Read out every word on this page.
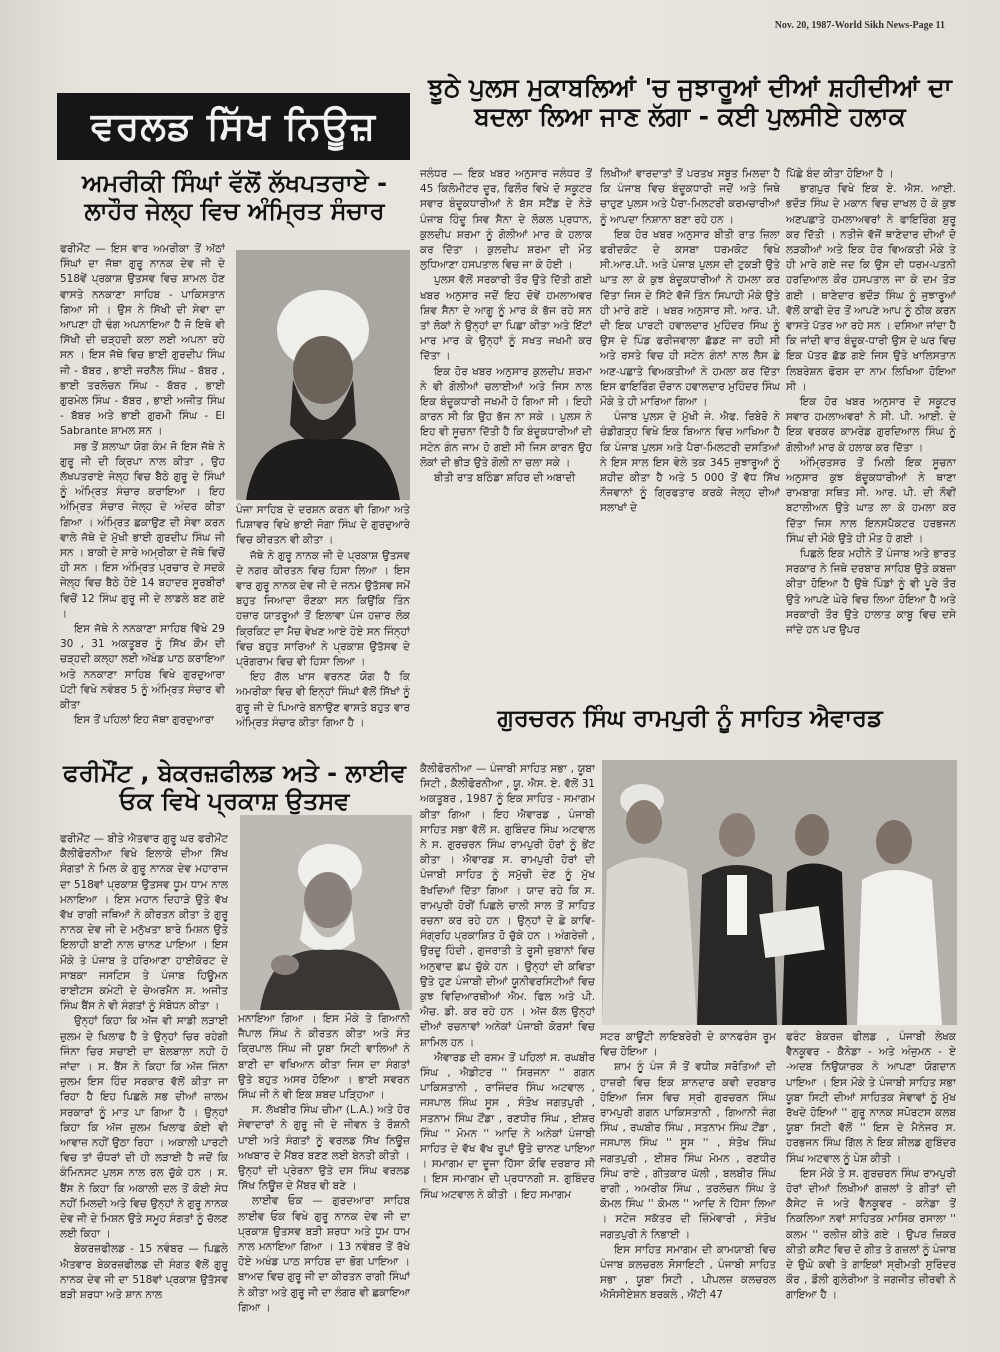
Nov. 20, 1987-World Sikh News-Page 11
ਵਰਲਡ ਸਿੱਖ ਨਿਊਜ਼
ਝੂਠੇ ਪੁਲਸ ਮੁਕਾਬਲਿਆਂ 'ਚ ਜੁਝਾਰੂਆਂ ਦੀਆਂ ਸ਼ਹੀਦੀਆਂ ਦਾ ਬਦਲਾ ਲਿਆ ਜਾਣ ਲੱਗਾ - ਕਈ ਪੁਲਸੀਏ ਹਲਾਕ
ਅਮਰੀਕੀ ਸਿੰਘਾਂ ਵੱਲੋਂ ਲੱਖਪਤਰਾਏ - ਲਾਹੌਰ ਜੇਲ੍ਹ ਵਿਚ ਅੰਮ੍ਰਿਤ ਸੰਚਾਰ

ਫਰੀਮੌਂਟ — ਇਸ ਵਾਰ ਅਮਰੀਕਾ ਤੋਂ ਅੱਠਾਂ ਸਿੰਘਾਂ ਦਾ ਜੱਥਾ ਗੁਰੂ ਨਾਨਕ ਦੇਵ ਜੀ ਦੇ 518ਵੇਂ ਪ੍ਰਕਾਸ਼ ਉਤਸਵ ਵਿਚ ਸ਼ਾਮਲ ਹੋਣ ਵਾਸਤੇ ਨਨਕਾਣਾ ਸਾਹਿਬ - ਪਾਕਿਸਤਾਨ ਗਿਆ ਸੀ । ਉਸ ਨੇ ਸਿੱਖੀ ਦੀ ਸੇਵਾ ਦਾ ਆਪਣਾ ਹੀ ਢੰਗ ਅਪਨਾਇਆ ਹੈ ਜੋ ਇਥੇ ਵੀ ਸਿੱਖੀ ਦੀ ਚੜ੍ਹਦੀ ਕਲਾ ਲਈ ਅਪਨਾ ਰਹੇ ਸਨ । ਇਸ ਜੱਥੇ ਵਿਚ ਭਾਈ ਗੁਰਦੀਪ ਸਿੰਘ ਜੀ - ਬੱਬਰ , ਭਾਈ ਜਰਨੈਲ ਸਿੰਘ - ਬੱਬਰ , ਭਾਈ ਤਰਲੋਚਨ ਸਿੰਘ - ਬੱਬਰ , ਭਾਈ ਗੁਰਮੇਲ ਸਿੰਘ - ਬੱਬਰ , ਭਾਈ ਅਜੀਤ ਸਿੰਘ - ਬੱਬਰ ਅਤੇ ਭਾਈ ਗੁਰਮੀ ਸਿੰਘ - El Sabrante ਸ਼ਾਮਲ ਸਨ ।

ਸਭ ਤੋਂ ਸ਼ਲਾਘਾ ਯੋਗ ਕੰਮ ਜੋ ਇਸ ਜੱਥੇ ਨੇ ਗੁਰੂ ਜੀ ਦੀ ਕ੍ਰਿਪਾ ਨਾਲ ਕੀਤਾ , ਉਹ ਲੱਖਪਤਰਾਏ ਜੇਲ੍ਹ ਵਿਚ ਬੈਠੇ ਗੁਰੂ ਦੇ ਸਿੰਘਾਂ ਨੂੰ ਅੰਮ੍ਰਿਤ ਸੰਚਾਰ ਕਰਾਇਆ । ਇਹ ਅੰਮ੍ਰਿਤ ਸੰਚਾਰ ਜੇਲ੍ਹ ਦੇ ਅੰਦਰ ਕੀਤਾ ਗਿਆ । ਅੰਮ੍ਰਿਤ ਛਕਾਉਣ ਦੀ ਸੇਵਾ ਕਰਨ ਵਾਲੇ ਜੱਥੇ ਦੇ ਮੁੱਖੀ ਭਾਈ ਗੁਰਦੀਪ ਸਿੰਘ ਜੀ ਸਨ । ਬਾਕੀ ਦੇ ਸਾਰੇ ਅਮ੍ਰੀਕਾ ਦੇ ਜੱਥੇ ਵਿਚੋਂ ਹੀ ਸਨ । ਇਸ ਅੰਮ੍ਰਿਤ ਪ੍ਰਚਾਰ ਦੇ ਸਦਕੇ ਜੇਲ੍ਹ ਵਿਚ ਬੈਠੇ ਹੋਏ 14 ਬਹਾਦਰ ਸੂਰਬੀਰਾਂ ਵਿਚੋਂ 12 ਸਿੰਘ ਗੁਰੂ ਜੀ ਦੇ ਲਾਡਲੇ ਬਣ ਗਏ ।

ਇਸ ਜੱਥੇ ਨੇ ਨਨਕਾਣਾ ਸਾਹਿਬ ਵਿੱਖੇ 29 30 , 31 ਅਕਤੂਬਰ ਨੂੰ ਸਿੱਖ ਕੌਮ ਦੀ ਚੜ੍ਹਦੀ ਕਲ੍ਹਾ ਲਈ ਅੱਖੰਡ ਪਾਠ ਕਰਾਇਆ ਅਤੇ ਨਨਕਾਣਾ ਸਾਹਿਬ ਵਿਖੇ ਗੁਰਦੁਆਰਾ ਪੱਟੀ ਵਿਖੇ ਨਵੰਬਰ 5 ਨੂੰ ਅੰਮ੍ਰਿਤ ਸੰਚਾਰ ਵੀ ਕੀਤਾ

ਇਸ ਤੋਂ ਪਹਿਲਾਂ ਇਹ ਜੱਥਾ ਗੁਰਦੁਆਰਾ

ਪੰਜਾ ਸਾਹਿਬ ਦੇ ਦਰਸ਼ਨ ਕਰਨ ਵੀ ਗਿਆ ਅਤੇ ਪਿਸ਼ਾਵਰ ਵਿਖੇ ਭਾਈ ਜੋਗਾ ਸਿੰਘ ਦੇ ਗੁਰਦੁਆਰੇ ਵਿਚ ਕੀਰਤਨ ਵੀ ਕੀਤਾ ।

ਜੱਥੇ ਨੇ ਗੁਰੂ ਨਾਨਕ ਜੀ ਦੇ ਪ੍ਰਕਾਸ਼ ਉਤਸਵ ਦੇ ਨਗਰ ਕੀਰਤਨ ਵਿਚ ਹਿਸਾ ਲਿਆ । ਇਸ ਵਾਰ ਗੁਰੂ ਨਾਨਕ ਦੇਵ ਜੀ ਦੇ ਜਨਮ ਉਤੱਸਵ ਸਮੇਂ ਬਹੁਤ ਜਿਆਦਾ ਰੌਣਕਾ ਸਨ ਕਿਉਂਕਿ ਤਿੰਨ ਹਜ਼ਾਰ ਯਾਤਰੂਆਂ ਤੋਂ ਇਲਾਵਾ ਪੰਜ ਹਜ਼ਾਰ ਲੋਕ ਕ੍ਰਿਕਿਟ ਦਾ ਮੈਚ ਵੇਖਣ ਆਏ ਹੋਏ ਸਨ ਜਿੰਨ੍ਹਾਂ ਵਿਚ ਬਹੁਤ ਸਾਰਿਆਂ ਨੇ ਪ੍ਰਕਾਸ਼ ਉਤੱਸਵ ਦੇ ਪ੍ਰੋਗਰਾਮ ਵਿਚ ਵੀ ਹਿਸਾ ਲਿਆ ।

ਇਹ ਗੱਲ ਖਾਸ ਵਰਨਣ ਯੋਗ ਹੈ ਕਿ ਅਮਰੀਕਾ ਵਿਚ ਵੀ ਇਨ੍ਹਾਂ ਸਿੰਘਾਂ ਵੱਲੋਂ ਸਿੱਖਾਂ ਨੂੰ ਗੁਰੂ ਜੀ ਦੇ ਪਿਆਰੇ ਬਨਾਉਣ ਵਾਸਤੇ ਬਹੁਤ ਵਾਰ ਅੰਮ੍ਰਿਤ ਸੰਚਾਰ ਕੀਤਾ ਗਿਆ ਹੈ ।

ਜਲੰਧਰ — ਇਕ ਖਬਰ ਅਨੁਸਾਰ ਜਲੰਧਰ ਤੋਂ 45 ਕਿਲੋਮੀਟਰ ਦੂਰ, ਫਿਲੌਰ ਵਿਖੇ ਦੋ ਸਕੂਟਰ ਸਵਾਰ ਬੰਦੂਕਧਾਰੀਆਂ ਨੇ ਬੱਸ ਸਟੈਂਡ ਦੇ ਨੇੜੇ ਪੰਜਾਬ ਹਿੰਦੂ ਸਿਵ ਸੈਨਾ ਦੇ ਲੋਕਲ ਪ੍ਰਧਾਨ, ਕੁਲਦੀਪ ਸ਼ਰਮਾ ਨੂੰ ਗੋਲੀਆਂ ਮਾਰ ਕੇ ਹਲਾਕ ਕਰ ਦਿੱਤਾ । ਕੁਲਦੀਪ ਸ਼ਰਮਾ ਦੀ ਮੌਤ ਲੁਧਿਆਣਾ ਹਸਪਤਾਲ ਵਿਚ ਜਾ ਕੇ ਹੋਈ ।

ਪੁਲਸ ਵੱਲੋਂ ਸਰਕਾਰੀ ਤੌਰ ਉਤੇ ਦਿੱਤੀ ਗਈ ਖਬਰ ਅਨੁਸਾਰ ਜਦੋਂ ਇਹ ਦੋਵੇਂ ਹਮਲਾਅਵਰ ਸ਼ਿਵ ਸੈਨਾ ਦੇ ਆਗੂ ਨੂੰ ਮਾਰ ਕੇ ਭੱਜ ਰਹੇ ਸਨ ਤਾਂ ਲੋਕਾਂ ਨੇ ਉਨ੍ਹਾਂ ਦਾ ਪਿਛਾ ਕੀਤਾ ਅਤੇ ਇੱਟਾਂ ਮਾਰ ਮਾਰ ਕੇ ਉਨ੍ਹਾਂ ਨੂੰ ਸਖਤ ਜਖਮੀ ਕਰ ਦਿੱਤਾ ।

ਇਕ ਹੋਰ ਖਬਰ ਅਨੁਸਾਰ ਕੁਲਦੀਪ ਸ਼ਰਮਾ ਨੇ ਵੀ ਗੋਲੀਆਂ ਚਲਾਈਆਂ ਅਤੇ ਜਿਸ ਨਾਲ ਇਕ ਬੰਦੂਕਧਾਰੀ ਜਖਮੀ ਹੋ ਗਿਆ ਸੀ । ਇਹੀ ਕਾਰਨ ਸੀ ਕਿ ਉਹ ਭੱਜ ਨਾ ਸਕੇ । ਪੁਲਸ ਨੇ ਇਹ ਵੀ ਸੂਚਨਾ ਦਿੱਤੀ ਹੈ ਕਿ ਬੰਦੂਕਧਾਰੀਆਂ ਦੀ ਸਟੇਨ ਗੰਨ ਜਾਮ ਹੋ ਗਈ ਸੀ ਜਿਸ ਕਾਰਨ ਉਹ ਲੋਕਾਂ ਦੀ ਭੀੜ ਉਤੇ ਗੋਲੀ ਨਾ ਚਲਾ ਸਕੇ ।

ਬੀਤੀ ਰਾਤ ਬਠਿੰਡਾ ਸ਼ਹਿਰ ਦੀ ਅਬਾਦੀ

ਲਿਖੀਆਂ ਵਾਰਦਾਤਾਂ ਤੋਂ ਪਰਤਖ ਸਬੂਤ ਮਿਲਦਾ ਹੈ ਕਿ ਪੰਜਾਬ ਵਿਚ ਬੰਦੂਕਧਾਰੀ ਜਦੋਂ ਅਤੇ ਜਿਥੇ ਚਾਹੁਣ ਪੁਲਸ ਅਤੇ ਪੈਰਾ-ਮਿਲਟਰੀ ਕਰਮਚਾਰੀਆਂ ਨੂੰ ਆਪਦਾ ਨਿਸ਼ਾਨਾ ਬਣਾ ਰਹੇ ਹਨ ।

ਇਕ ਹੋਰ ਖਬਰ ਅਨੁਸਾਰ ਬੀਤੀ ਰਾਤ ਜ਼ਿਲਾ ਫਰੀਦਕੋਟ ਦੇ ਕਸਬਾ ਧਰਮਕੋਟ ਵਿਖੇ ਸੀ.ਆਰ.ਪੀ. ਅਤੇ ਪੰਜਾਬ ਪੁਲਸ ਦੀ ਟੁਕੜੀ ਉਤੇ ਘਾਤ ਲਾ ਕੇ ਕੁਝ ਬੰਦੂਕਧਾਰੀਆਂ ਨੇ ਹਮਲਾ ਕਰ ਦਿੱਤਾ ਜਿਸ ਦੇ ਸਿੱਟੇ ਵੱਜੋਂ ਤਿੰਨ ਸਿਪਾਹੀ ਮੌਕੇ ਉਤੇ ਹੀ ਮਾਰੇ ਗਏ । ਖਬਰ ਅਨੁਸਾਰ ਸੀ. ਆਰ. ਪੀ. ਦੀ ਇਕ ਪਾਰਟੀ ਹਵਾਲਦਾਰ ਮੁਹਿੰਦਰ ਸਿੰਘ ਨੂੰ ਉਸ ਦੇ ਪਿੰਡ ਫਰੀਜਵਾਲਾ ਛੱਡਣ ਜਾ ਰਹੀ ਸੀ ਅਤੇ ਰਸਤੇ ਵਿਚ ਹੀ ਸਟੇਨ ਗੰਨਾਂ ਨਾਲ ਲੈਸ ਛੇ ਅਣ-ਪਛਾਤੇ ਵਿਅਕਤੀਆਂ ਨੇ ਹਮਲਾ ਕਰ ਦਿੱਤਾ ਇਸ ਫਾਇਰਿੰਗ ਦੌਰਾਨ ਹਵਾਲਦਾਰ ਮੁਹਿੰਦਰ ਸਿੰਘ ਮੌਕੇ ਤੇ ਹੀ ਮਾਰਿਆ ਗਿਆ ।

ਪੰਜਾਬ ਪੁਲਸ ਦੇ ਮੁੱਖੀ ਜੇ. ਐਫ. ਰਿਬੇਰੋ ਨੇ ਚੰਡੀਗੜ੍ਹ ਵਿਖੇ ਇਕ ਬਿਆਨ ਵਿਚ ਆਖਿਆ ਹੈ ਕਿ ਪੰਜਾਬ ਪੁਲਸ ਅਤੇ ਪੈਰਾ-ਮਿਲਟਰੀ ਦਸਤਿਆਂ ਨੇ ਇਸ ਸਾਲ ਇਸ ਵੇਲੇ ਤਕ 345 ਜੁਝਾਰੂਆਂ ਨੂੰ ਸ਼ਹੀਦ ਕੀਤਾ ਹੈ ਅਤੇ 5 000 ਤੋਂ ਵੱਧ ਸਿੱਖ ਨੌਜਵਾਨਾਂ ਨੂੰ ਗ੍ਰਿਫਤਾਰ ਕਰਕੇ ਜੇਲ੍ਹ ਦੀਆਂ ਸਲਾਖਾਂ ਦੇ

ਪਿੱਛੇ ਬੰਦ ਕੀਤਾ ਹੋਇਆ ਹੈ ।

ਭਾਗਪੁਰ ਵਿਖੇ ਇਕ ਏ. ਐਸ. ਆਈ. ਭਦੌੜ ਸਿੰਘ ਦੇ ਮਕਾਨ ਵਿਚ ਦਾਖਲ ਹੋ ਕੇ ਕੁਝ ਅਣਪਛਾਤੇ ਹਮਲਾਅਵਰਾਂ ਨੇ ਫਾਇਰਿੰਗ ਸ਼ੁਰੂ ਕਰ ਦਿੱਤੀ । ਨਤੀਜੇ ਵੱਜੋਂ ਥਾਣੇਦਾਰ ਦੀਆਂ ਦੋ ਲੜਕੀਆਂ ਅਤੇ ਇਕ ਹੋਰ ਵਿਅਕਤੀ ਮੌਕੇ ਤੇ ਹੀ ਮਾਰੇ ਗਏ ਜਦ ਕਿ ਉਸ ਦੀ ਧਰਮ-ਪਤਨੀ ਹਰਦਿਆਲ ਕੌਰ ਹਸਪਤਾਲ ਜਾ ਕੇ ਦਮ ਤੋੜ ਗਈ । ਥਾਣੇਦਾਰ ਭਦੌੜ ਸਿੰਘ ਨੂੰ ਜੁਝਾਰੂਆਂ ਵੱਲੋਂ ਕਾਫੀ ਦੇਰ ਤੋਂ ਆਪਣੇ ਆਪ ਨੂੰ ਠੀਕ ਕਰਨ ਵਾਸਤੇ ਪੱਤਰ ਆ ਰਹੇ ਸਨ । ਦਸਿਆ ਜਾਂਦਾ ਹੈ ਕਿ ਜਾਂਦੀ ਵਾਰ ਬੰਦੂਕ-ਧਾਰੀ ਉਸ ਦੇ ਘਰ ਵਿਚ ਇਕ ਪੱਤਰ ਛੱਡ ਗਏ ਜਿਸ ਉਤੇ ਖਾਲਿਸਤਾਨ ਲਿਬਰੇਸ਼ਨ ਫੋਰਸ ਦਾ ਨਾਮ ਲਿਖਿਆ ਹੋਇਆ ਸੀ ।

ਇਕ ਹੋਰ ਖਬਰ ਅਨੁਸਾਰ ਦੋ ਸਕੂਟਰ ਸਵਾਰ ਹਮਲਾਅਵਰਾਂ ਨੇ ਸੀ. ਪੀ. ਆਈ. ਦੇ ਇਕ ਵਰਕਰ ਕਾਮਰੇਡ ਗੁਰਦਿਆਲ ਸਿੰਘ ਨੂੰ ਗੋਲੀਆਂ ਮਾਰ ਕੇ ਹਲਾਕ ਕਰ ਦਿੱਤਾ ।

ਅੰਮ੍ਰਿਤਸਰ ਤੋਂ ਮਿਲੀ ਇਕ ਸੂਚਨਾ ਅਨੁਸਾਰ ਕੁਝ ਬੰਦੂਕਧਾਰੀਆਂ ਨੇ ਥਾਣਾ ਰਾਮਬਾਗ ਸਥਿਤ ਸੀ. ਆਰ. ਪੀ. ਦੀ ਨੌਵੀਂ ਬਟਾਲੀਅਨ ਉਤੇ ਘਾਤ ਲਾ ਕੇ ਹਮਲਾ ਕਰ ਦਿੱਤਾ ਜਿਸ ਨਾਲ ਇਨਸਪੈਕਟਰ ਹਰਭਜਨ ਸਿੰਘ ਦੀ ਮੌਕੇ ਉਤੇ ਹੀ ਮੌਤ ਹੋ ਗਈ ।

ਪਿਛਲੇ ਇਕ ਮਹੀਨੇ ਤੋਂ ਪੰਜਾਬ ਅਤੇ ਭਾਰਤ ਸਰਕਾਰ ਨੇ ਜਿਥੇ ਦਰਬਾਰ ਸਾਹਿਬ ਉਤੇ ਕਬਜ਼ਾ ਕੀਤਾ ਹੋਇਆ ਹੈ ਉਥੇ ਪਿੰਡਾਂ ਨੂੰ ਵੀ ਪੂਰੇ ਤੌਰ ਉਤੇ ਆਪਣੇ ਘੇਰੇ ਵਿਚ ਲਿਆ ਹੋਇਆ ਹੈ ਅਤੇ ਸਰਕਾਰੀ ਤੌਰ ਉਤੇ ਹਾਲਾਤ ਕਾਬੂ ਵਿਚ ਦਸੇ ਜਾਂਦੇ ਹਨ ਪਰ ਉਪਰ

ਫਰੀਮੌਂਟ , ਬੇਕਰਜ਼ਫੀਲਡ ਅਤੇ - ਲਾਈਵ ਓਕ ਵਿਖੇ ਪ੍ਰਕਾਸ਼ ਉਤਸਵ

ਫਰੀਮੌਂਟ — ਬੀਤੇ ਐਤਵਾਰ ਗੁਰੂ ਘਰ ਫਰੀਮੌਂਟ ਕੈਲੀਫੋਰਨੀਆ ਵਿਖੇ ਇਲਾਕੇ ਦੀਆ ਸਿੱਖ ਸੰਗਤਾਂ ਨੇ ਮਿਲ ਕੇ ਗੁਰੂ ਨਾਨਕ ਦੇਵ ਮਹਾਰਾਜ ਦਾ 518ਵਾਂ ਪ੍ਰਕਾਸ਼ ਉਤਸਵ ਧੂਮ ਧਾਮ ਨਾਲ ਮਨਾਇਆ । ਇਸ ਮਹਾਨ ਦਿਹਾੜੇ ਉਤੇ ਵੱਖ ਵੱਖ ਰਾਗੀ ਜਥਿਆਂ ਨੇ ਕੀਰਤਨ ਕੀਤਾ ਤੇ ਗੁਰੂ ਨਾਨਕ ਦੇਵ ਜੀ ਦੇ ਮਨੁੱਖਤਾ ਬਾਰੇ ਮਿਸ਼ਨ ਉਤੇ ਇਲਾਹੀ ਬਾਣੀ ਨਾਲ ਚਾਨਣ ਪਾਇਆ । ਇਸ ਮੌਕੇ ਤੇ ਪੰਜਾਬ ਤੇ ਹਰਿਆਣਾ ਹਾਈਕੋਰਟ ਦੇ ਸਾਬਕਾ ਜਸਟਿਸ ਤੇ ਪੰਜਾਬ ਹਿਊਮਨ ਰਾਈਟਸ ਕਮੇਟੀ ਦੇ ਚੇਅਰਮੈਨ ਸ. ਅਜੀਤ ਸਿੰਘ ਬੈਂਸ ਨੇ ਵੀ ਸੰਗਤਾਂ ਨੂੰ ਸੰਬੋਧਨ ਕੀਤਾ ।

ਉਨ੍ਹਾਂ ਕਿਹਾ ਕਿ ਅੱਜ ਵੀ ਸਾਡੀ ਲੜਾਈ ਜ਼ੁਲਮ ਦੇ ਖਿਲਾਫ ਹੈ ਤੇ ਉਨ੍ਹਾਂ ਚਿਰ ਰਹੇਗੀ ਜਿੰਨਾ ਚਿਰ ਸਚਾਈ ਦਾ ਬੋਲਬਾਲਾ ਨਹੀ ਹੋ ਜਾਂਦਾ । ਸ. ਬੈਂਸ ਨੇ ਕਿਹਾ ਕਿ ਅੱਜ ਜਿੰਨਾ ਜ਼ੁਲਮ ਇਸ ਹਿੰਦ ਸਰਕਾਰ ਵੱਲੋਂ ਕੀਤਾ ਜਾ ਰਿਹਾ ਹੈ ਇਹ ਪਿਛਲੇ ਸਭ ਦੀਆਂ ਜ਼ਾਲਮ ਸਰਕਾਰਾਂ ਨੂੰ ਮਾਤ ਪਾ ਗਿਆ ਹੈ । ਉਨ੍ਹਾਂ ਕਿਹਾ ਕਿ ਅੱਜ ਜ਼ੁਲਮ ਖਿਲਾਫ ਕੋਈ ਵੀ ਆਵਾਜ਼ ਨਹੀਂ ਉਠਾ ਰਿਹਾ । ਅਕਾਲੀ ਪਾਰਟੀ ਵਿਚ ਤਾਂ ਚੌਧਰਾਂ ਦੀ ਹੀ ਲੜਾਈ ਹੈ ਜਦੋਂ ਕਿ ਕੰਮਿਨਸਟ ਪੁਲਸ ਨਾਲ ਰਲ ਚੁੱਕੇ ਹਨ । ਸ. ਬੈਂਸ ਨੇ ਕਿਹਾ ਕਿ ਅਕਾਲੀ ਦਲ ਤੋਂ ਕੋਈ ਸੇਧ ਨਹੀਂ ਮਿਲਦੀ ਅਤੇ ਵਿਚ ਉਨ੍ਹਾਂ ਨੇ ਗੁਰੂ ਨਾਨਕ ਦੇਵ ਜੀ ਦੇ ਮਿਸ਼ਨ ਉਤੇ ਸਮੂਹ ਸੰਗਤਾਂ ਨੂੰ ਚੱਲਣ ਲਈ ਕਿਹਾ ।

ਬੇਕਰਜ਼ਫੀਲਡ - 15 ਨਵੰਬਰ — ਪਿਛਲੇ ਐਤਵਾਰ ਬੇਕਰਜ਼ਫੀਲਡ ਦੀ ਸੰਗਤ ਵੱਲੋਂ ਗੁਰੂ ਨਾਨਕ ਦੇਵ ਜੀ ਦਾ 518ਵਾਂ ਪ੍ਰਕਾਸ਼ ਉਤੱਸਵ ਬੜੀ ਸ਼ਰਧਾ ਅਤੇ ਸ਼ਾਨ ਨਾਲ

ਮਨਾਇਆ ਗਿਆ । ਇਸ ਮੌਕੇ ਤੇ ਗਿਆਨੀ ਜੈਪਾਲ ਸਿੰਘ ਨੇ ਕੀਰਤਨ ਕੀਤਾ ਅਤੇ ਸੰਤ ਕ੍ਰਿਪਾਲ ਸਿੰਘ ਜੀ ਯੂਬਾ ਸਿਟੀ ਵਾਲਿਆਂ ਨੇ ਬਾਣੀ ਦਾ ਵਖਿਆਨ ਕੀਤਾ ਜਿਸ ਦਾ ਸੰਗਤਾਂ ਉਤੇ ਬਹੁਤ ਅਸਰ ਹੋਇਆ । ਭਾਈ ਸਵਰਨ ਸਿੰਘ ਜੀ ਨੇ ਵੀ ਇਕ ਸ਼ਬਦ ਪੜ੍ਹਿਆ ।

ਸ. ਲੱਖਬੀਰ ਸਿੰਘ ਚੀਮਾ (L.A.) ਅਤੇ ਹੋਰ ਸੇਵਾਦਾਰਾਂ ਨੇ ਗੁਰੂ ਜੀ ਦੇ ਜੀਵਨ ਤੇ ਰੌਸ਼ਨੀ ਪਾਈ ਅਤੇ ਸੰਗਤਾਂ ਨੂੰ ਵਰਲਡ ਸਿੱਖ ਨਿਊਜ਼ ਅਖਬਾਰ ਦੇ ਮੈਂਬਰ ਬਣਣ ਲਈ ਬੇਨਤੀ ਕੀਤੀ । ਉਨ੍ਹਾਂ ਦੀ ਪ੍ਰੇਰਨਾ ਉਤੇ ਦਸ ਸਿੰਘ ਵਰਲਡ ਸਿੱਖ ਨਿਊਜ਼ ਦੇ ਮੈਂਬਰ ਵੀ ਬਣੇ ।

ਲਾਈਵ ਓਕ — ਗੁਰਦਆਰਾ ਸਾਹਿਬ ਲਾਈਵ ਓਕ ਵਿਖੇ ਗੁਰੂ ਨਾਨਕ ਦੇਵ ਜੀ ਦਾ ਪ੍ਰਕਾਸ਼ ਉਤਸਵ ਬੜੀ ਸ਼ਰਧਾ ਅਤੇ ਧੂਮ ਧਾਮ ਨਾਲ ਮਨਾਇਆ ਗਿਆ । 13 ਨਵੰਬਰ ਤੋਂ ਰੱਖੇ ਹੋਏ ਅਖੰਡ ਪਾਠ ਸਾਹਿਬ ਦਾ ਭੋਗ ਪਾਇਆ । ਬਾਅਦ ਵਿਚ ਗੁਰੂ ਜੀ ਦਾ ਕੀਰਤਨ ਰਾਗੀ ਸਿੰਘਾਂ ਨੇ ਕੀਤਾ ਅਤੇ ਗੁਰੂ ਜੀ ਦਾ ਲੰਗਰ ਵੀ ਛਕਾਇਆ ਗਿਆ ।

ਗੁਰਚਰਨ ਸਿੰਘ ਰਾਮਪੁਰੀ ਨੂੰ ਸਾਹਿਤ ਐਵਾਰਡ

ਕੈਲੀਫੋਰਨੀਆ — ਪੰਜਾਬੀ ਸਾਹਿਤ ਸਭਾ , ਯੂਬਾ ਸਿਟੀ , ਕੈਲੀਫੋਰਨੀਆ , ਯੂ. ਐਸ. ਏ. ਵੱਲੋਂ 31 ਅਕਤੂਬਰ , 1987 ਨੂੰ ਇਕ ਸਾਹਿਤ - ਸਮਾਗਮ ਕੀਤਾ ਗਿਆ । ਇਹ ਐਵਾਰਡ , ਪੰਜਾਬੀ ਸਾਹਿਤ ਸਭਾ ਵੱਲੋਂ ਸ. ਗੁਬਿੰਦਰ ਸਿੰਘ ਅਟਵਾਲ ਨੇ ਸ. ਗੁਰਚਰਨ ਸਿੰਘ ਰਾਮਪੁਰੀ ਹੋਰਾਂ ਨੂੰ ਭੇਂਟ ਕੀਤਾ । ਐਵਾਰਡ ਸ. ਰਾਮਪੁਰੀ ਹੋਰਾਂ ਦੀ ਪੰਜਾਬੀ ਸਾਹਿਤ ਨੂੰ ਸਮੁੱਚੀ ਦੇਣ ਨੂੰ ਮੁੱਖ ਰੱਖਦਿਆਂ ਦਿੱਤਾ ਗਿਆ । ਯਾਦ ਰਹੇ ਕਿ ਸ. ਰਾਮਪੁਰੀ ਹੋਰੀਂ ਪਿਛਲੇ ਚਾਲੀ ਸਾਲ ਤੋਂ ਸਾਹਿਤ ਰਚਨਾ ਕਰ ਰਹੇ ਹਨ । ਉਨ੍ਹਾਂ ਦੇ ਛੇ ਕਾਵਿ-ਸੰਗ੍ਰਹਿ ਪ੍ਰਕਾਸ਼ਿਤ ਹੋ ਚੁੱਕੇ ਹਨ । ਅੰਗਰੇਜ਼ੀ , ਉਰਦੂ ਹਿੰਦੀ , ਗੁਜਰਾਤੀ ਤੇ ਰੂਸੀ ਜ਼ੁਬਾਨਾਂ ਵਿਚ ਅਨੁਵਾਦ ਛਪ ਚੁੱਕੇ ਹਨ । ਉਨ੍ਹਾਂ ਦੀ ਕਵਿਤਾ ਉਤੇ ਹੁਣ ਪੰਜਾਬੀ ਦੀਆਂ ਯੂਨੀਵਰਸਿਟੀਆਂ ਵਿਚ ਕੁਝ ਵਿਦਿਆਰਥੀਆਂ ਐਮ. ਫਿਲ ਅਤੇ ਪੀ. ਐਚ. ਡੀ. ਕਰ ਰਹੇ ਹਨ । ਅੱਜ ਕੱਲ ਉਨ੍ਹਾਂ ਦੀਆਂ ਰਚਨਾਵਾਂ ਅਨੇਕਾਂ ਪੰਜਾਬੀ ਕੋਰਸਾਂ ਵਿਚ ਸ਼ਾਮਿਲ ਹਨ ।

ਐਵਾਰਡ ਦੀ ਰਸਮ ਤੋਂ ਪਹਿਲਾਂ ਸ. ਰਘਬੀਰ ਸਿੰਘ , ਐਡੀਟਰ '' ਸਿਰਜਨਾ '' ਗਗਨ ਪਾਕਿਸਤਾਨੀ , ਰਾਜਿੰਦਰ ਸਿੰਘ ਅਟਵਾਲ , ਜਸਪਾਲ ਸਿੰਘ ਸੂਸ , ਸੰਤੋਖ ਜਗਤਪੁਰੀ , ਸਤਨਾਮ ਸਿੰਘ ਟੌਂਡਾ , ਰਣਧੀਰ ਸਿੰਘ , ਈਸ਼ਰ ਸਿੰਘ '' ਮੋਮਨ '' ਆਦਿ ਨੇ ਅਨੇਕਾਂ ਪੰਜਾਬੀ ਸਾਹਿਤ ਦੇ ਵੱਖ ਵੱਖ ਰੂਪਾਂ ਉਤੇ ਚਾਨਣ ਪਾਇਆ । ਸਮਾਗਮ ਦਾ ਦੂਜਾ ਹਿੱਸਾ ਕੋਵਿ ਦਰਬਾਰ ਸੀ । ਇਸ ਸਮਾਗਮ ਦੀ ਪ੍ਰਧਾਨਗੀ ਸ. ਗੁਬਿੰਦਰ ਸਿੰਘ ਅਟਵਾਲ ਨੇ ਕੀਤੀ । ਇਹ ਸਮਾਗਮ

ਸਟਰ ਕਾਊਂਟੀ ਲਾਇਬਰੇਰੀ ਦੇ ਕਾਨਫਰੰਸ ਰੂਮ ਵਿਚ ਹੋਇਆ ।

ਸ਼ਾਮ ਨੂੰ ਪੰਜ ਸੌ ਤੋਂ ਵਧੀਕ ਸਰੋਤਿਆਂ ਦੀ ਹਾਜ਼ਰੀ ਵਿਚ ਇਕ ਸ਼ਾਨਦਾਰ ਕਵੀ ਦਰਬਾਰ ਹੋਇਆ ਜਿਸ ਵਿਚ ਸ੍ਰੀ ਗੁਰਚਰਨ ਸਿੰਘ ਰਾਮਪੁਰੀ ਗਗਨ ਪਾਕਿਸਤਾਨੀ , ਗਿਆਨੀ ਜੰਗ ਸਿੰਘ , ਰਘਬੀਰ ਸਿੰਘ , ਸਤਨਾਮ ਸਿੰਘ ਟੌਂਡਾ , ਜਸਪਾਲ ਸਿੰਘ '' ਸੂਸ '' , ਸੰਤੋਖ ਸਿੰਘ ਜਗਤਪੁਰੀ , ਈਸ਼ਰ ਸਿੰਘ ਮੋਮਨ , ਰਣਧੀਰ ਸਿੰਘ ਰਾਏ , ਗੀਤਕਾਰ ਘੱਲੀ , ਬਲਬੀਰ ਸਿੰਘ ਰਾਗੀ , ਅਮਰੀਕ ਸਿੰਘ , ਤਰਲੋਚਨ ਸਿੰਘ ਤੇ ਕੋਮਲ ਸਿੰਘ '' ਕੋਮਲ '' ਆਦਿ ਨੇ ਹਿੱਸਾ ਲਿਆ । ਸਟੇਜ ਸਕੱਤਰ ਦੀ ਜ਼ਿੰਮੇਵਾਰੀ , ਸੰਤੋਖ ਜਗਤਪੁਰੀ ਨੇ ਨਿਭਾਈ ।

ਇਸ ਸਾਹਿਤ ਸਮਾਗਮ ਦੀ ਕਾਮਯਾਬੀ ਵਿਚ ਪੰਜਾਬ ਕਲਚਰਲ ਸੋਸਾਇਟੀ , ਪੰਜਾਬੀ ਸਾਹਿਤ ਸਭਾ , ਯੂਬਾ ਸਿਟੀ , ਪੀਪਲਜ਼ ਕਲਚਰਲ ਐਸੋਸੀਏਸ਼ਨ ਬਰਕਲੇ , ਐਂਟੀ 47

ਫਰੰਟ ਬੇਕਰਜ਼ ਫੀਲਡ , ਪੰਜਾਬੀ ਲੇਖਕ ਵੈਨਕੂਵਰ - ਕੈਨੇਡਾ - ਅਤੇ ਅੰਜੁਮਨ - ਏ -ਅਦਬ ਨਿਉਯਾਰਕ ਨੇ ਆਪਣਾ ਯੋਗਦਾਨ ਪਾਇਆ । ਇਸ ਮੌਕੇ ਤੇ ਪੰਜਾਬੀ ਸਾਹਿਤ ਸਭਾ ਯੂਬਾ ਸਿਟੀ ਦੀਆਂ ਸਾਹਿਤਕ ਸੇਵਾਵਾਂ ਨੂੰ ਮੁੱਖ ਰੱਖਦੇ ਹੋਇਆਂ '' ਗੁਰੂ ਨਾਨਕ ਸਪੋਰਟਸ ਕਲਬ ਯੂਬਾ ਸਿਟੀ ਵੱਲੋਂ '' ਇਸ ਦੇ ਮੈਨੇਜਰ ਸ. ਹਰਭਜਨ ਸਿੰਘ ਗਿੱਲ ਨੇ ਇਕ ਸ਼ੀਲਡ ਗੁਬਿੰਦਰ ਸਿੰਘ ਅਟਵਾਲ ਨੂੰ ਪੇਸ਼ ਕੀਤੀ ।

ਇਸ ਮੌਕੇ ਤੇ ਸ. ਗੁਰਚਰਨ ਸਿੰਘ ਰਾਮਪੁਰੀ ਹੋਰਾਂ ਦੀਆਂ ਲਿਖੀਆਂ ਗਜ਼ਲਾਂ ਤੇ ਗੀਤਾਂ ਦੀ ਕੈਸੇਟ ਜੋ ਅਤੇ ਵੈਨਕੂਵਰ - ਕਨੇਡਾ ਤੋਂ ਨਿਕਲਿਆ ਨਵਾਂ ਸਾਹਿਤਕ ਮਾਸਿਕ ਰਸਾਲਾ '' ਕਲਮ '' ਰਲੀਜ਼ ਕੀਤੇ ਗਏ । ਉਪਰ ਜ਼ਿਕਰ ਕੀਤੀ ਕਸੈਟ ਵਿਚ ਦੋ ਗੀਤ ਤੇ ਗਜ਼ਲਾਂ ਨੂੰ ਪੰਜਾਬ ਦੇ ਉਘੇ ਕਵੀ ਤੇ ਗਾਇਕਾਂ ਸ੍ਰੀਮਤੀ ਸੁਰਿੰਦਰ ਕੌਰ , ਡੌਲੀ ਗੁਲੇਰੀਆ ਤੇ ਜਗਜੀਤ ਜ਼ੀਰਵੀ ਨੇ ਗਾਇਆ ਹੈ ।
